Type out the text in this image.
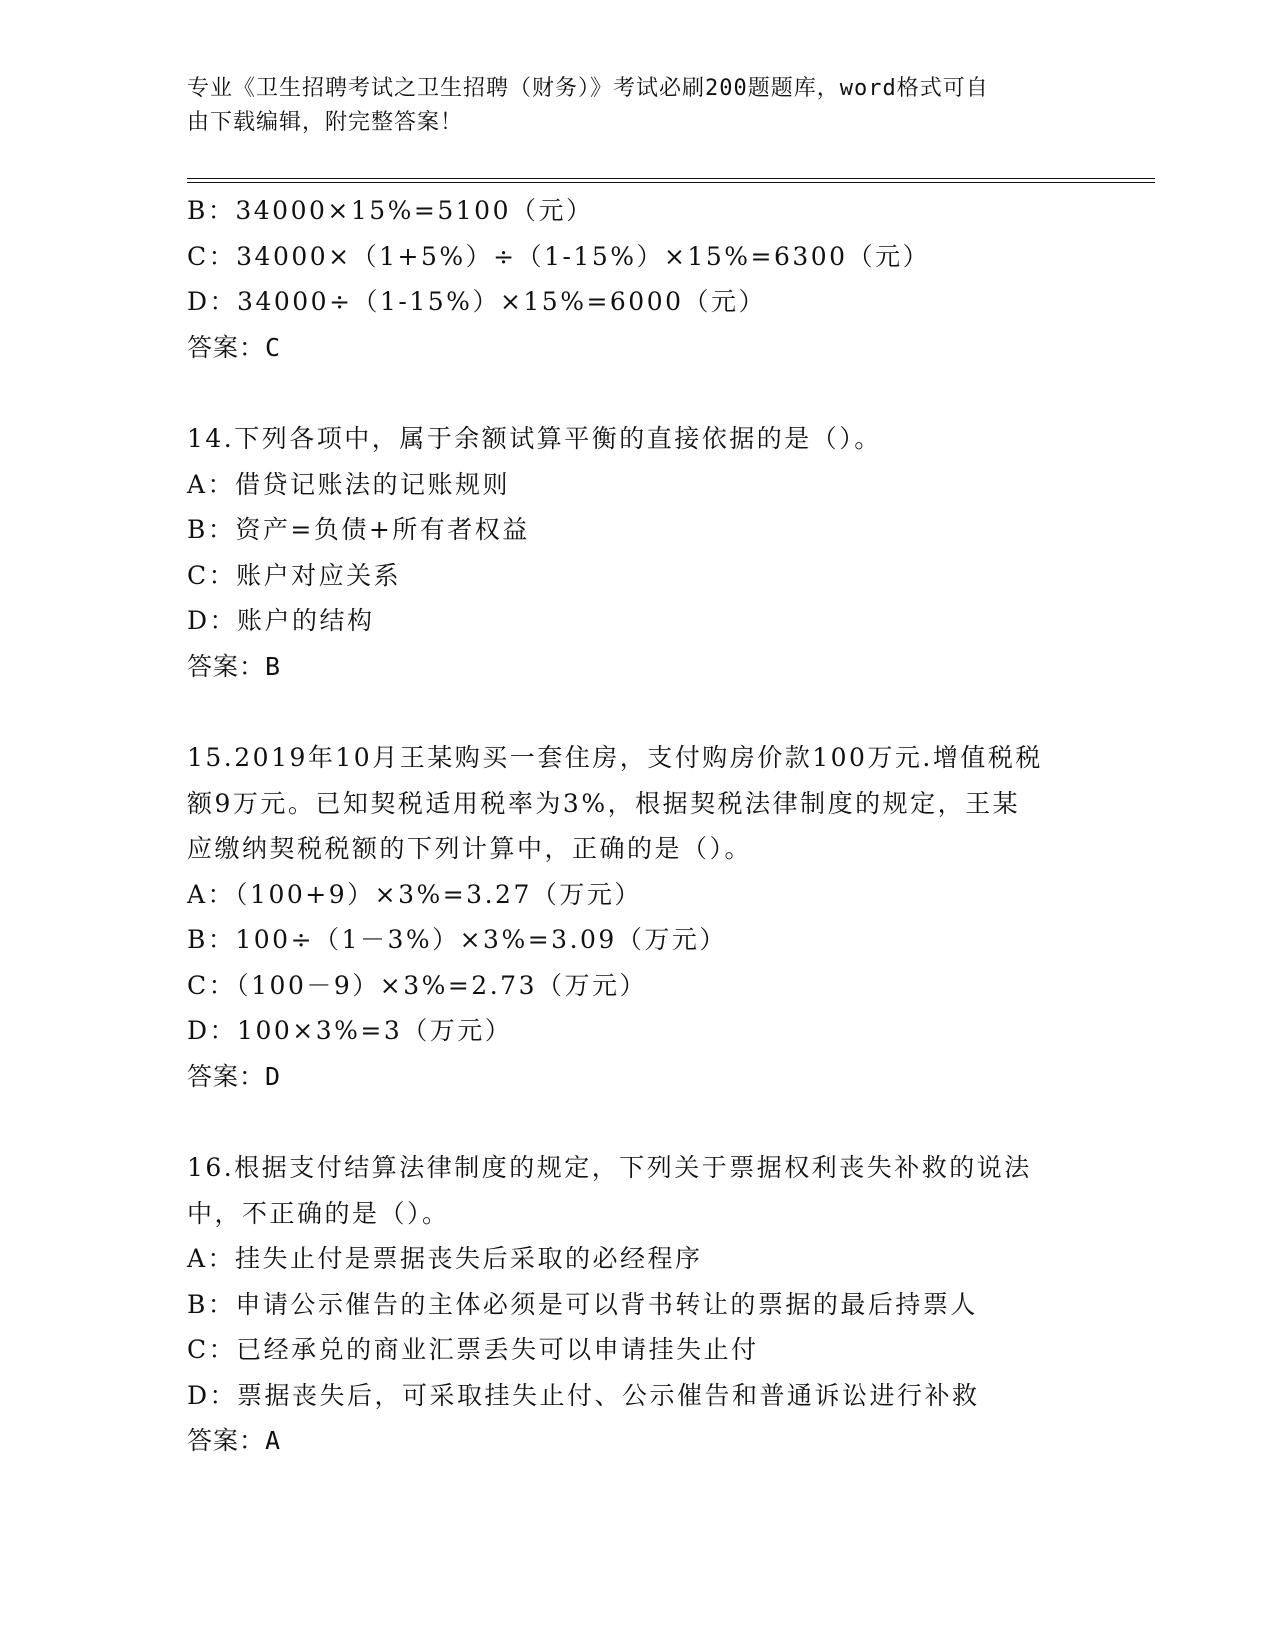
专业《卫生招聘考试之卫生招聘（财务）》考试必刷200题题库，word格式可自
由下载编辑，附完整答案！
B：34000×15%=5100（元）
C：34000×（1+5%）÷（1-15%）×15%=6300（元）
D：34000÷（1-15%）×15%=6000（元）
答案：C
14.下列各项中，属于余额试算平衡的直接依据的是（）。
A：借贷记账法的记账规则
B：资产=负债+所有者权益
C：账户对应关系
D：账户的结构
答案：B
15.2019年10月王某购买一套住房，支付购房价款100万元.增值税税
额9万元。已知契税适用税率为3%，根据契税法律制度的规定，王某
应缴纳契税税额的下列计算中，正确的是（）。
A：（100+9）×3%=3.27（万元）
B：100÷（1－3%）×3%=3.09（万元）
C：（100－9）×3%=2.73（万元）
D：100×3%=3（万元）
答案：D
16.根据支付结算法律制度的规定，下列关于票据权利丧失补救的说法
中，不正确的是（）。
A：挂失止付是票据丧失后采取的必经程序
B：申请公示催告的主体必须是可以背书转让的票据的最后持票人
C：已经承兑的商业汇票丢失可以申请挂失止付
D：票据丧失后，可采取挂失止付、公示催告和普通诉讼进行补救
答案：A
